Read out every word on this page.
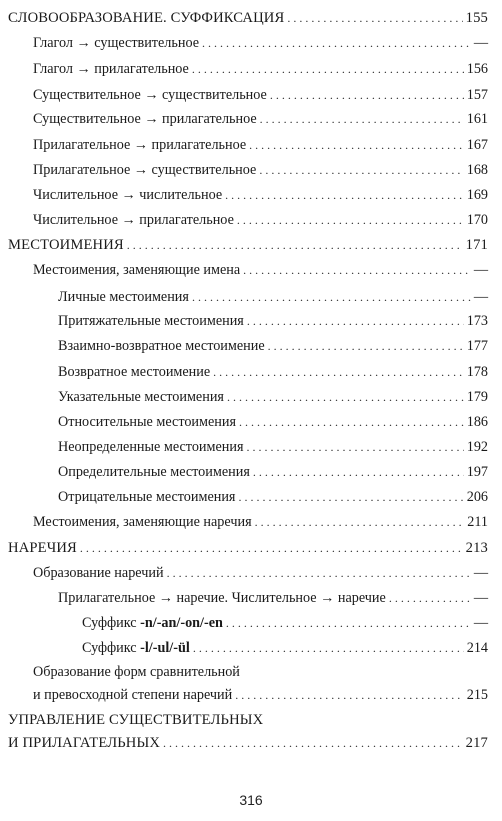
СЛОВООБРАЗОВАНИЕ. СУФФИКСАЦИЯ . . .	155
Глагол → существительное . . .	—
Глагол → прилагательное . . .	156
Существительное → существительное . . .	157
Существительное → прилагательное . . .	161
Прилагательное → прилагательное . . .	167
Прилагательное → существительное . . .	168
Числительное → числительное . . .	169
Числительное → прилагательное . . .	170
МЕСТОИМЕНИЯ . . .	171
Местоимения, заменяющие имена . . .	—
Личные местоимения . . .	—
Притяжательные местоимения . . .	173
Взаимно-возвратное местоимение . . .	177
Возвратное местоимение . . .	178
Указательные местоимения . . .	179
Относительные местоимения . . .	186
Неопределенные местоимения . . .	192
Определительные местоимения . . .	197
Отрицательные местоимения . . .	206
Местоимения, заменяющие наречия . . .	211
НАРЕЧИЯ . . .	213
Образование наречий . . .	—
Прилагательное → наречие. Числительное → наречие . . .	—
Суффикс -n/-an/-on/-en . . .	—
Суффикс -l/-ul/-ül . . .	214
Образование форм сравнительной
и превосходной степени наречий . . .	215
УПРАВЛЕНИЕ СУЩЕСТВИТЕЛЬНЫХ
И ПРИЛАГАТЕЛЬНЫХ . . .	217
316
